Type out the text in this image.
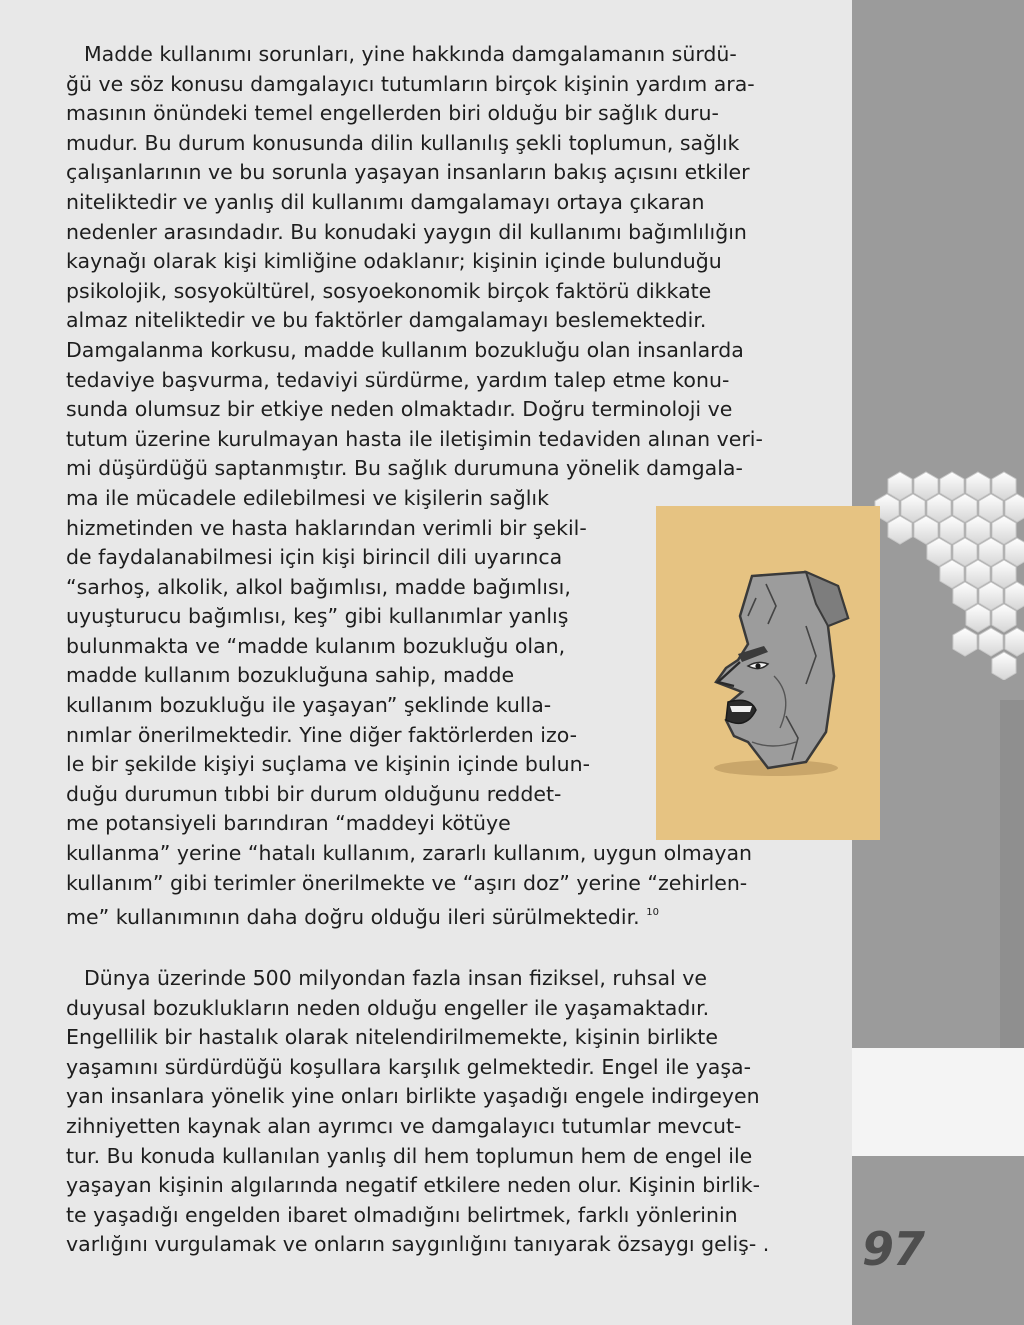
Madde kullanımı sorunları, yine hakkında damgalamanın sürdü-
ğü ve söz konusu damgalayıcı tutumların birçok kişinin yardım ara-
masının önündeki temel engellerden biri olduğu bir sağlık duru-
mudur. Bu durum konusunda dilin kullanılış şekli toplumun, sağlık
çalışanlarının ve bu sorunla yaşayan insanların bakış açısını etkiler
niteliktedir ve yanlış dil kullanımı damgalamayı ortaya çıkaran
nedenler arasındadır. Bu konudaki yaygın dil kullanımı bağımlılığın
kaynağı olarak kişi kimliğine odaklanır; kişinin içinde bulunduğu
psikolojik, sosyokültürel, sosyoekonomik birçok faktörü dikkate
almaz niteliktedir ve bu faktörler damgalamayı beslemektedir.
Damgalanma korkusu, madde kullanım bozukluğu olan insanlarda
tedaviye başvurma, tedaviyi sürdürme, yardım talep etme konu-
sunda olumsuz bir etkiye neden olmaktadır. Doğru terminoloji ve
tutum üzerine kurulmayan hasta ile iletişimin tedaviden alınan veri-
mi düşürdüğü saptanmıştır. Bu sağlık durumuna yönelik damgala-
ma ile mücadele edilebilmesi ve kişilerin sağlık
hizmetinden ve hasta haklarından verimli bir şekil-
de faydalanabilmesi için kişi birincil dili uyarınca
“sarhoş, alkolik, alkol bağımlısı, madde bağımlısı,
uyuşturucu bağımlısı, keş” gibi kullanımlar yanlış
bulunmakta ve “madde kulanım bozukluğu olan,
madde kullanım bozukluğuna sahip, madde
kullanım bozukluğu ile yaşayan” şeklinde kulla-
nımlar önerilmektedir. Yine diğer faktörlerden izo-
le bir şekilde kişiyi suçlama ve kişinin içinde bulun-
duğu durumun tıbbi bir durum olduğunu reddet-
me potansiyeli barındıran “maddeyi kötüye
kullanma” yerine “hatalı kullanım, zararlı kullanım, uygun olmayan
kullanım” gibi terimler önerilmekte ve “aşırı doz” yerine “zehirlen-
me” kullanımının daha doğru olduğu ileri sürülmektedir. $^{10}$
Dünya üzerinde 500 milyondan fazla insan fiziksel, ruhsal ve
duyusal bozuklukların neden olduğu engeller ile yaşamaktadır.
Engellilik bir hastalık olarak nitelendirilmemekte, kişinin birlikte
yaşamını sürdürdüğü koşullara karşılık gelmektedir. Engel ile yaşa-
yan insanlara yönelik yine onları birlikte yaşadığı engele indirgeyen
zihniyetten kaynak alan ayrımcı ve damgalayıcı tutumlar mevcut-
tur. Bu konuda kullanılan yanlış dil hem toplumun hem de engel ile
yaşayan kişinin algılarında negatif etkilere neden olur. Kişinin birlik-
te yaşadığı engelden ibaret olmadığını belirtmek, farklı yönlerinin
varlığını vurgulamak ve onların saygınlığını tanıyarak özsaygı geliş- .	97
